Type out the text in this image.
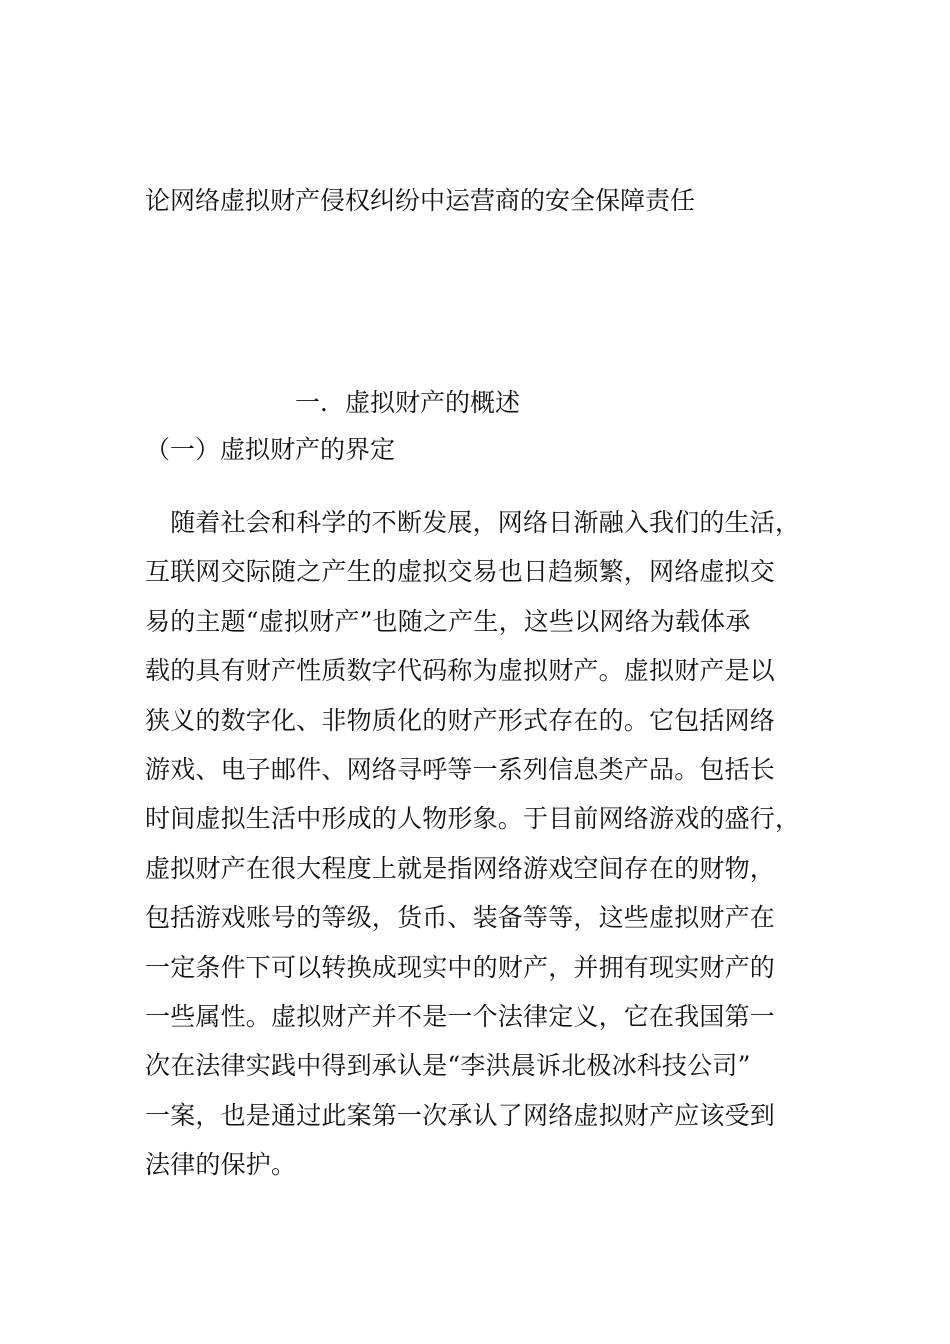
论网络虚拟财产侵权纠纷中运营商的安全保障责任
一．虚拟财产的概述
（一）虚拟财产的界定
　随着社会和科学的不断发展，网络日渐融入我们的生活，
互联网交际随之产生的虚拟交易也日趋频繁，网络虚拟交
易的主题“虚拟财产”也随之产生，这些以网络为载体承
载的具有财产性质数字代码称为虚拟财产。虚拟财产是以
狭义的数字化、非物质化的财产形式存在的。它包括网络
游戏、电子邮件、网络寻呼等一系列信息类产品。包括长
时间虚拟生活中形成的人物形象。于目前网络游戏的盛行，
虚拟财产在很大程度上就是指网络游戏空间存在的财物，
包括游戏账号的等级，货币、装备等等，这些虚拟财产在
一定条件下可以转换成现实中的财产，并拥有现实财产的
一些属性。虚拟财产并不是一个法律定义，它在我国第一
次在法律实践中得到承认是“李洪晨诉北极冰科技公司”
一案，也是通过此案第一次承认了网络虚拟财产应该受到
法律的保护。
